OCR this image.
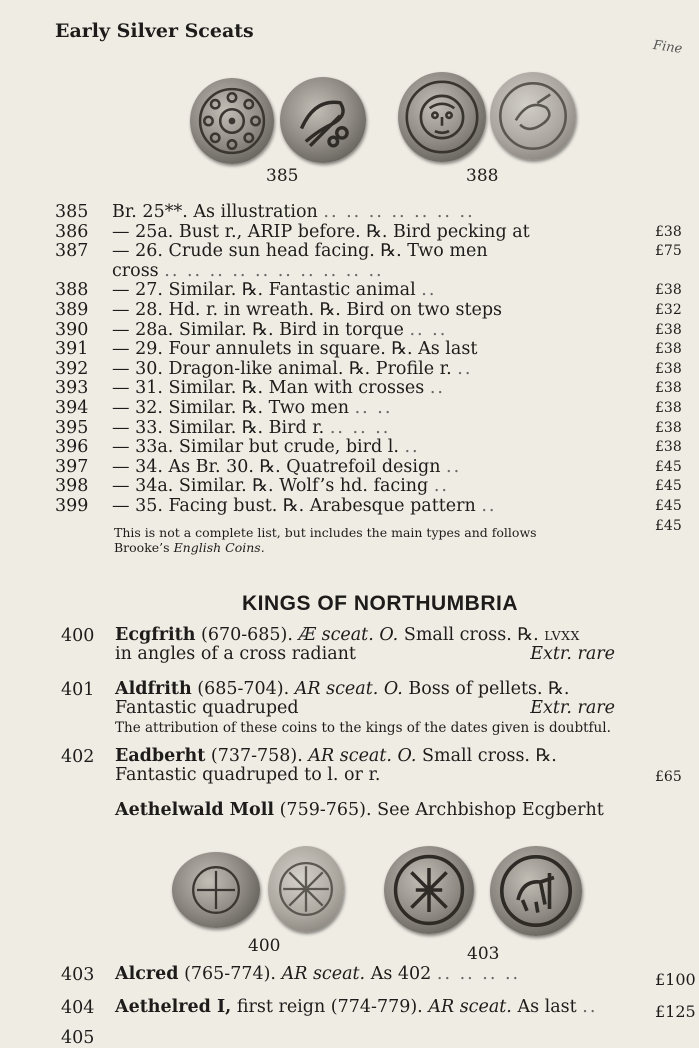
Early Silver Sceats
Fine
385	388
385 Br. 25**. As illustration .. .. .. .. .. .. ..
386 — 25a. Bust r., ARIP before. ℞. Bird pecking at	£38
387 — 26. Crude sun head facing. ℞. Two men	£75
cross .. .. .. .. .. .. .. .. .. ..
388 — 27. Similar. ℞. Fantastic animal ..	£38
389 — 28. Hd. r. in wreath. ℞. Bird on two steps	£32
390 — 28a. Similar. ℞. Bird in torque .. ..	£38
391 — 29. Four annulets in square. ℞. As last	£38
392 — 30. Dragon-like animal. ℞. Profile r. ..	£38
393 — 31. Similar. ℞. Man with crosses ..	£38
394 — 32. Similar. ℞. Two men .. ..	£38
395 — 33. Similar. ℞. Bird r. .. .. ..	£38
396 — 33a. Similar but crude, bird l. ..	£38
397 — 34. As Br. 30. ℞. Quatrefoil design ..	£45
398 — 34a. Similar. ℞. Wolf’s hd. facing ..	£45
399 — 35. Facing bust. ℞. Arabesque pattern ..	£45
£45
This is not a complete list, but includes the main types and follows
Brooke’s English Coins.
KINGS OF NORTHUMBRIA
400 Ecgfrith (670-685). Æ sceat. O. Small cross. ℞. LVXX
in angles of a cross radiant	Extr. rare
401 Aldfrith (685-704). AR sceat. O. Boss of pellets. ℞.
Fantastic quadruped	Extr. rare

The attribution of these coins to the kings of the dates given is doubtful.
402 Eadberht (737-758). AR sceat. O. Small cross. ℞.
Fantastic quadruped to l. or r.	£65
Aethelwald Moll (759-765). See Archbishop Ecgberht
400	403
403 Alcred (765-774). AR sceat. As 402 .. .. .. ..	£100
404 Aethelred I, first reign (774-779). AR sceat. As last ..	£125
405
